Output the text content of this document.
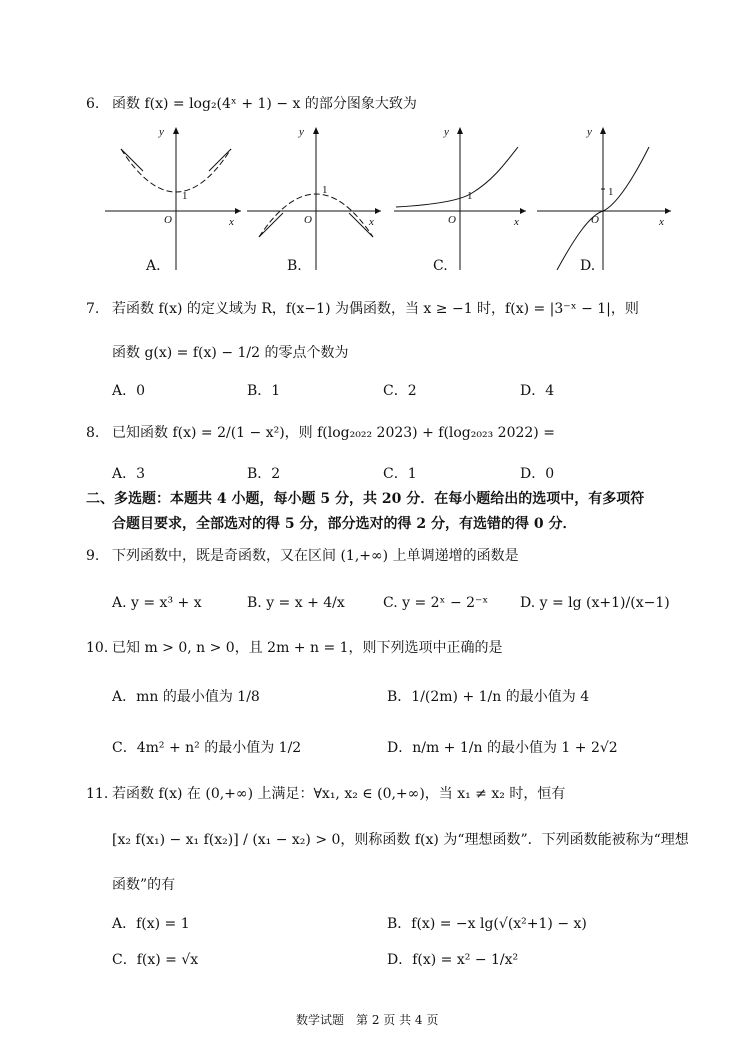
6. 函数 f(x) = log₂(4ˣ + 1) − x 的部分图象大致为
y
O
1
x
A.
y
O
1
x
B.
y
O
1
x
C.
y
O
1
x
D.
7. 若函数 f(x) 的定义域为 R，f(x−1) 为偶函数，当 x ≥ −1 时，f(x) = |3⁻ˣ − 1|，则
函数 g(x) = f(x) − 1/2 的零点个数为
A．0	B．1	C．2	D．4
8. 已知函数 f(x) = 2/(1 − x²)，则 f(log₂₀₂₂ 2023) + f(log₂₀₂₃ 2022) =
A．3	B．2	C．1	D．0
二、多选题：本题共 4 小题，每小题 5 分，共 20 分．在每小题给出的选项中，有多项符
合题目要求，全部选对的得 5 分，部分选对的得 2 分，有选错的得 0 分．
9. 下列函数中，既是奇函数，又在区间 (1,+∞) 上单调递增的函数是
A. y = x³ + x	B. y = x + 4/x	C. y = 2ˣ − 2⁻ˣ D. y = lg (x+1)/(x−1)
10. 已知 m > 0, n > 0，且 2m + n = 1，则下列选项中正确的是
A．mn 的最小值为 1/8	B．1/(2m) + 1/n 的最小值为 4
C．4m² + n² 的最小值为 1/2	D．n/m + 1/n 的最小值为 1 + 2√2
11. 若函数 f(x) 在 (0,+∞) 上满足：∀x₁, x₂ ∈ (0,+∞)，当 x₁ ≠ x₂ 时，恒有
[x₂ f(x₁) − x₁ f(x₂)] / (x₁ − x₂) > 0，则称函数 f(x) 为“理想函数”．下列函数能被称为“理想
函数”的有
A．f(x) = 1	B．f(x) = −x lg(√(x²+1) − x)
C．f(x) = √x	D．f(x) = x² − 1/x²
数学试题　第 2 页 共 4 页
